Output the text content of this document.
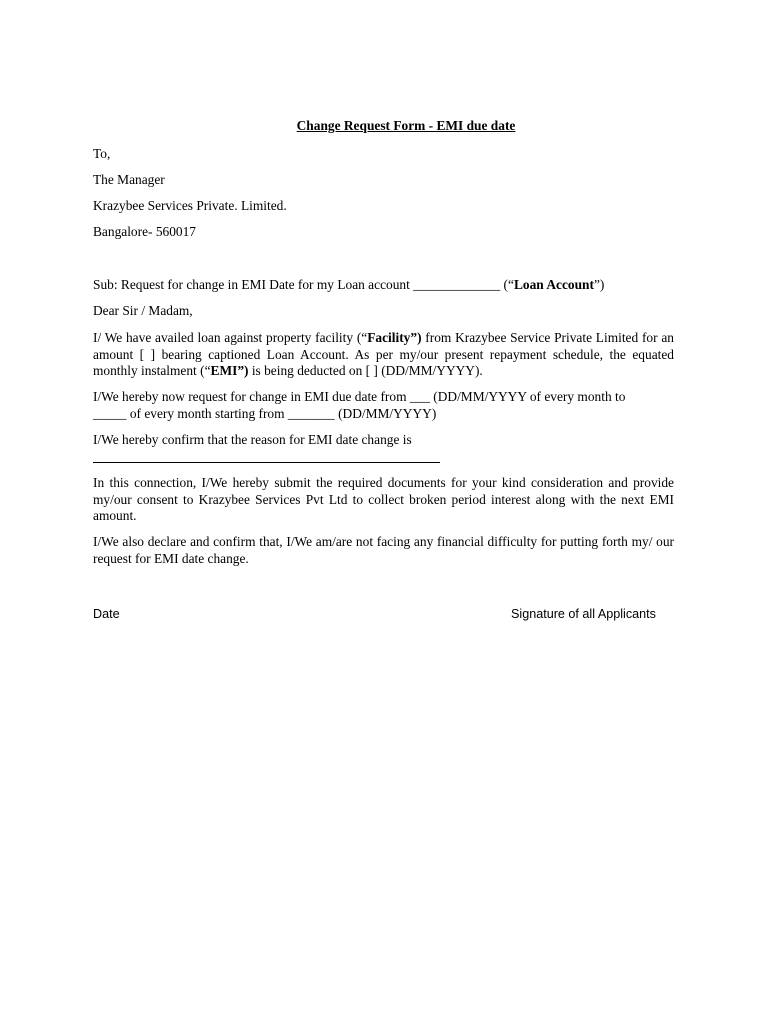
Change Request Form - EMI due date
To,
The Manager
Krazybee Services Private. Limited.
Bangalore- 560017
Sub: Request for change in EMI Date for my Loan account _____________ (“Loan Account”)
Dear Sir / Madam,
I/ We have availed loan against property facility (“Facility”) from Krazybee Service Private Limited for an amount [ ] bearing captioned Loan Account. As per my/our present repayment schedule, the equated monthly instalment (“EMI”) is being deducted on [ ] (DD/MM/YYYY).
I/We hereby now request for change in EMI due date from ___ (DD/MM/YYYY of every month to
_____ of every month starting from _______ (DD/MM/YYYY)
I/We hereby confirm that the reason for EMI date change is
In this connection, I/We hereby submit the required documents for your kind consideration and provide my/our consent to Krazybee Services Pvt Ltd to collect broken period interest along with the next EMI amount.
I/We also declare and confirm that, I/We am/are not facing any financial difficulty for putting forth my/ our request for EMI date change.
Date	Signature of all Applicants
